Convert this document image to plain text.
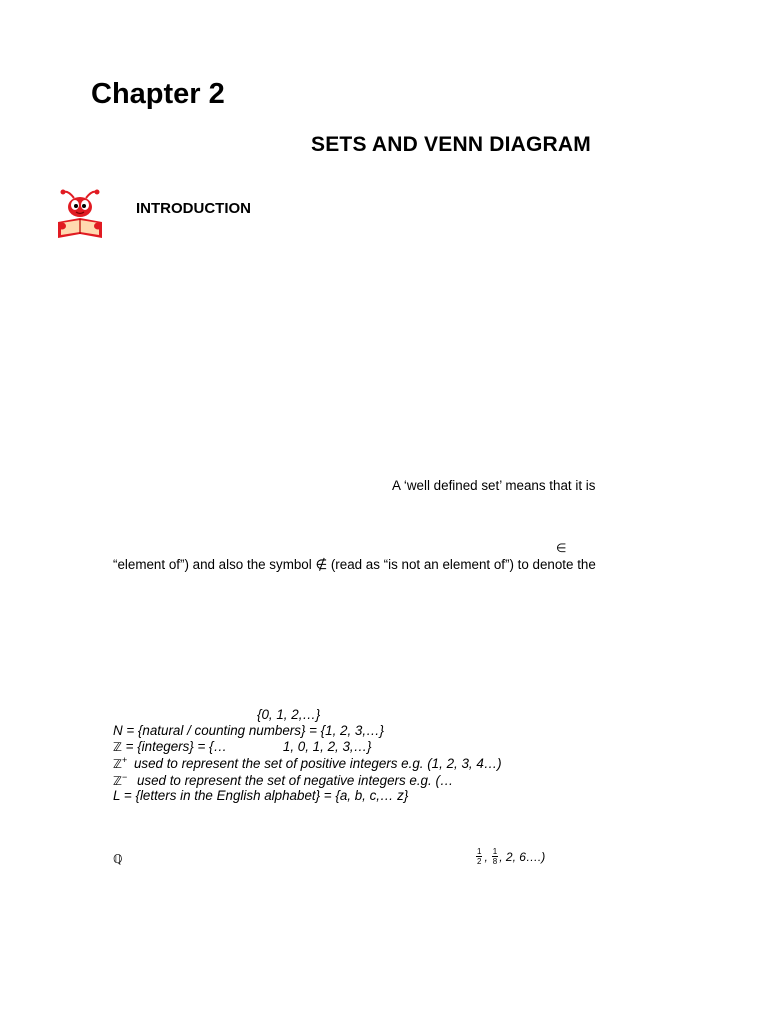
Chapter 2
SETS AND VENN DIAGRAM
INTRODUCTION
A ‘well defined set’ means that it is
∈
“element of”) and also the symbol ∉ (read as “is not an element of”) to denote the
{0, 1, 2,…}
N = {natural / counting numbers} = {1, 2, 3,…}
ℤ = {integers} = {…	1, 0, 1, 2, 3,…}
ℤ+ used to represent the set of positive integers e.g. (1, 2, 3, 4…)
ℤ− used to represent the set of negative integers e.g. (…
L = {letters in the English alphabet} = {a, b, c,… z}
ℚ	$\frac{1}{2}$ , $\frac{1}{8}$ , 2, 6….)
